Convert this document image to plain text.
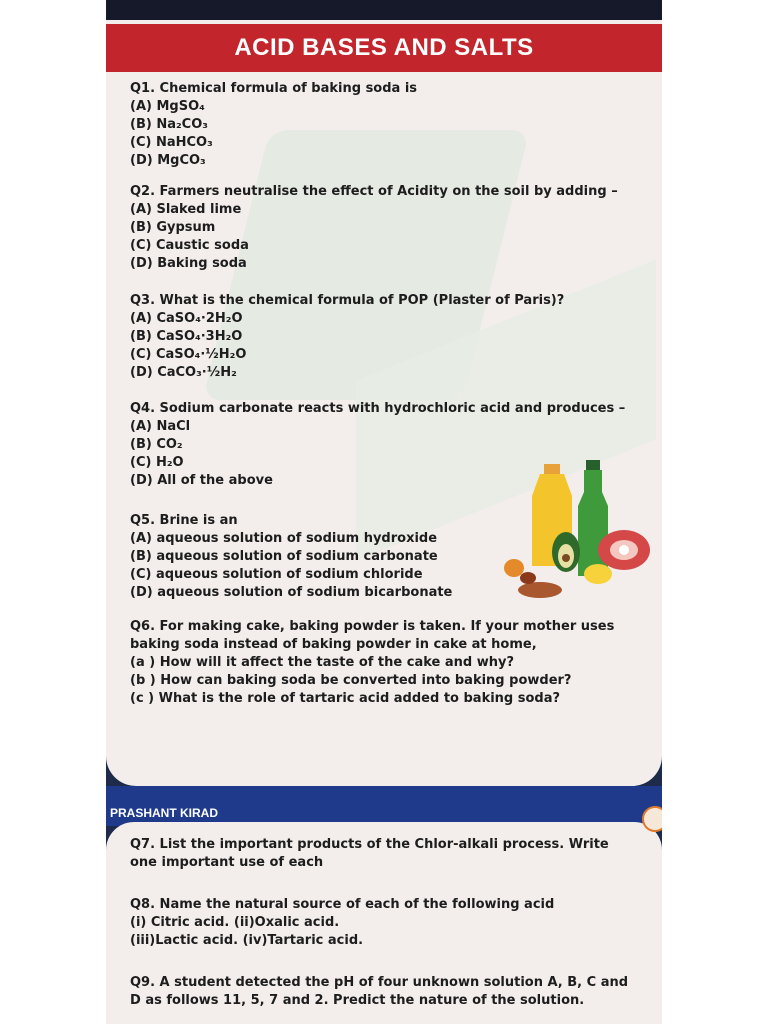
ACID BASES AND SALTS
Q1. Chemical formula of baking soda is
(A) MgSO₄
(B) Na₂CO₃
(C) NaHCO₃
(D) MgCO₃
Q2. Farmers neutralise the effect of Acidity on the soil by adding –
(A) Slaked lime
(B) Gypsum
(C) Caustic soda
(D) Baking soda
Q3. What is the chemical formula of POP (Plaster of Paris)?
(A) CaSO₄·2H₂O
(B) CaSO₄·3H₂O
(C) CaSO₄·½H₂O
(D) CaCO₃·½H₂
Q4. Sodium carbonate reacts with hydrochloric acid and produces –
(A) NaCl
(B) CO₂
(C) H₂O
(D) All of the above
Q5. Brine is an
(A) aqueous solution of sodium hydroxide
(B) aqueous solution of sodium carbonate
(C) aqueous solution of sodium chloride
(D) aqueous solution of sodium bicarbonate
Q6. For making cake, baking powder is taken. If your mother uses baking soda instead of baking powder in cake at home,
(a ) How will it affect the taste of the cake and why?
(b ) How can baking soda be converted into baking powder?
(c ) What is the role of tartaric acid added to baking soda?
PRASHANT KIRAD
Q7. List the important products of the Chlor-alkali process. Write one important use of each
Q8. Name the natural source of each of the following acid
(i) Citric acid. (ii)Oxalic acid.
(iii)Lactic acid. (iv)Tartaric acid.
Q9. A student detected the pH of four unknown solution A, B, C and D as follows 11, 5, 7 and 2. Predict the nature of the solution.
